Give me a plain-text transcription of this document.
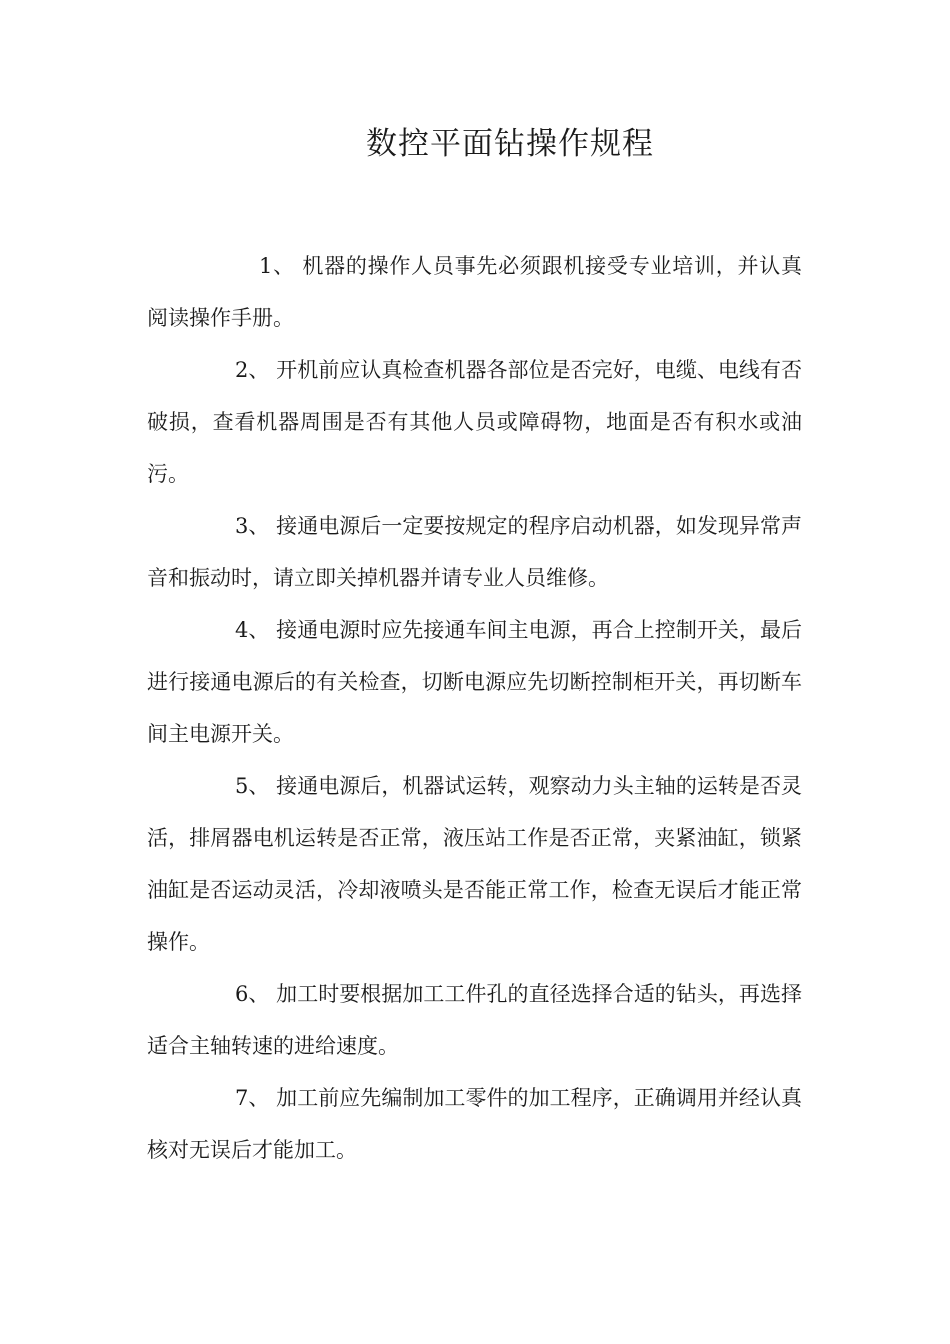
数控平面钻操作规程

1、 机器的操作人员事先必须跟机接受专业培训，并认真阅读操作手册。

2、 开机前应认真检查机器各部位是否完好，电缆、电线有否破损，查看机器周围是否有其他人员或障碍物，地面是否有积水或油污。

3、 接通电源后一定要按规定的程序启动机器，如发现异常声音和振动时，请立即关掉机器并请专业人员维修。

4、 接通电源时应先接通车间主电源，再合上控制开关，最后进行接通电源后的有关检查，切断电源应先切断控制柜开关，再切断车间主电源开关。

5、 接通电源后，机器试运转，观察动力头主轴的运转是否灵活，排屑器电机运转是否正常，液压站工作是否正常，夹紧油缸，锁紧油缸是否运动灵活，冷却液喷头是否能正常工作，检查无误后才能正常操作。

6、 加工时要根据加工工件孔的直径选择合适的钻头，再选择适合主轴转速的进给速度。

7、 加工前应先编制加工零件的加工程序，正确调用并经认真核对无误后才能加工。
